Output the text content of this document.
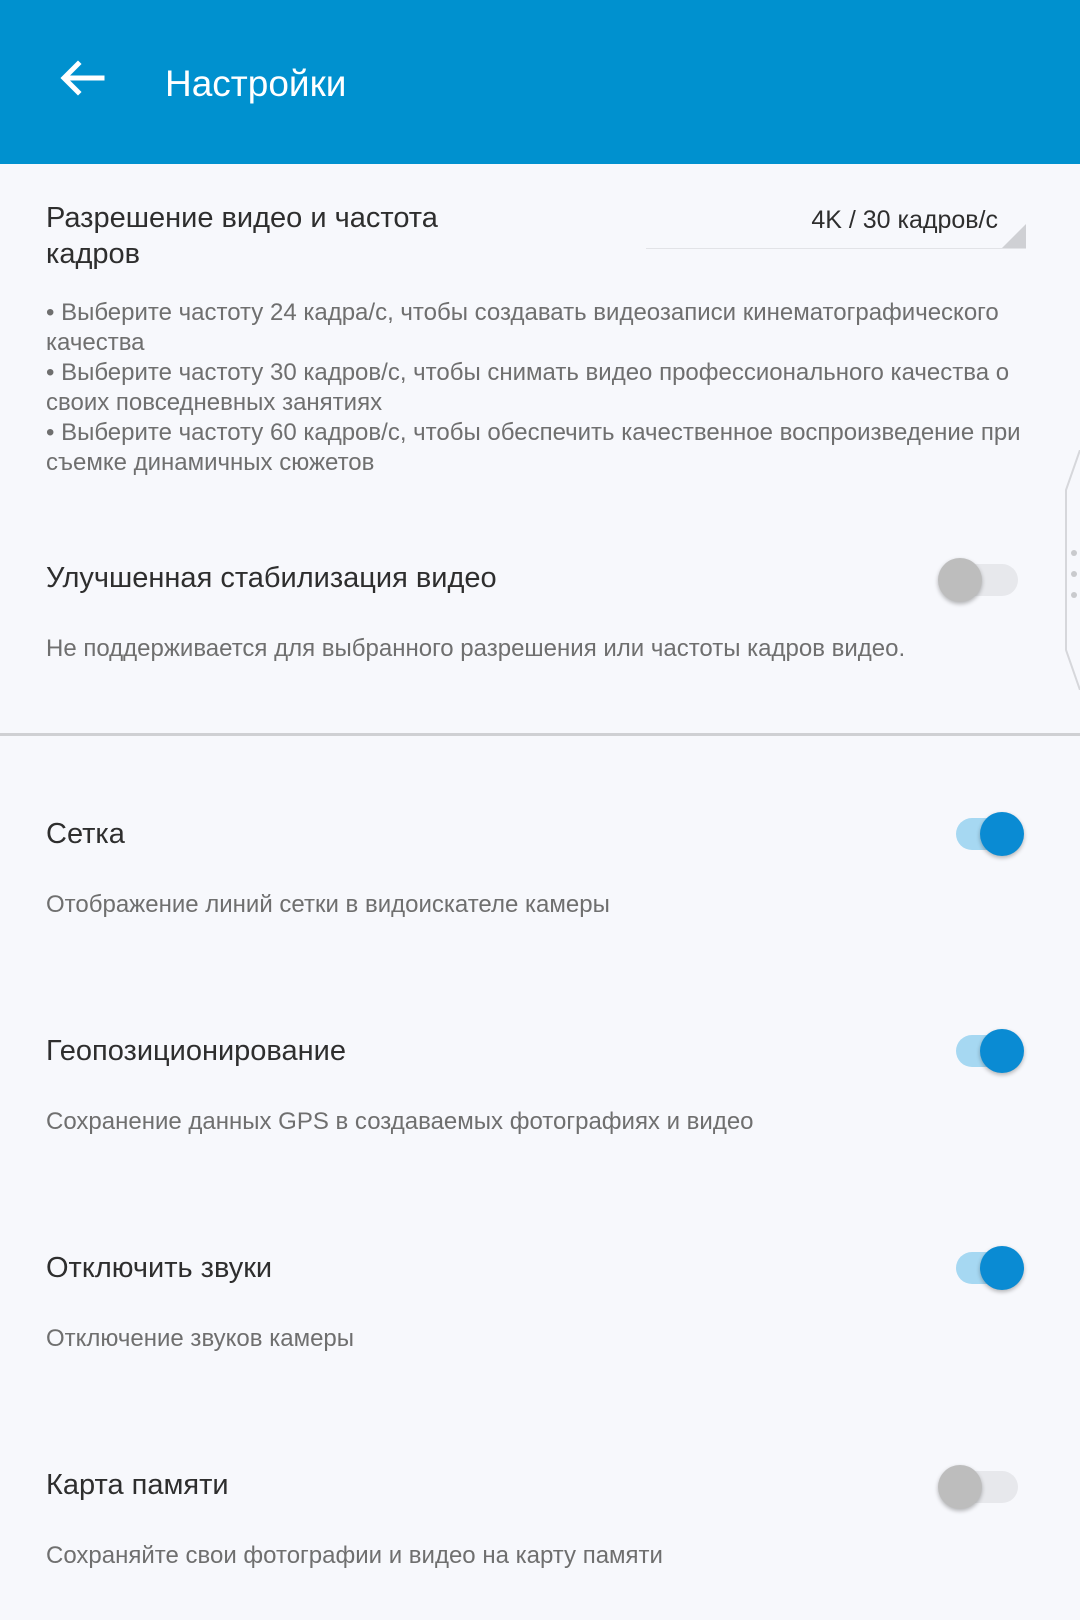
Настройки
Разрешение видео и частота кадров
4K / 30 кадров/с
• Выберите частоту 24 кадра/с, чтобы создавать видеозаписи кинематографического качества
• Выберите частоту 30 кадров/с, чтобы снимать видео профессионального качества о своих повседневных занятиях
• Выберите частоту 60 кадров/с, чтобы обеспечить качественное воспроизведение при съемке динамичных сюжетов
Улучшенная стабилизация видео
Не поддерживается для выбранного разрешения или частоты кадров видео.
Сетка
Отображение линий сетки в видоискателе камеры
Геопозиционирование
Сохранение данных GPS в создаваемых фотографиях и видео
Отключить звуки
Отключение звуков камеры
Карта памяти
Сохраняйте свои фотографии и видео на карту памяти
